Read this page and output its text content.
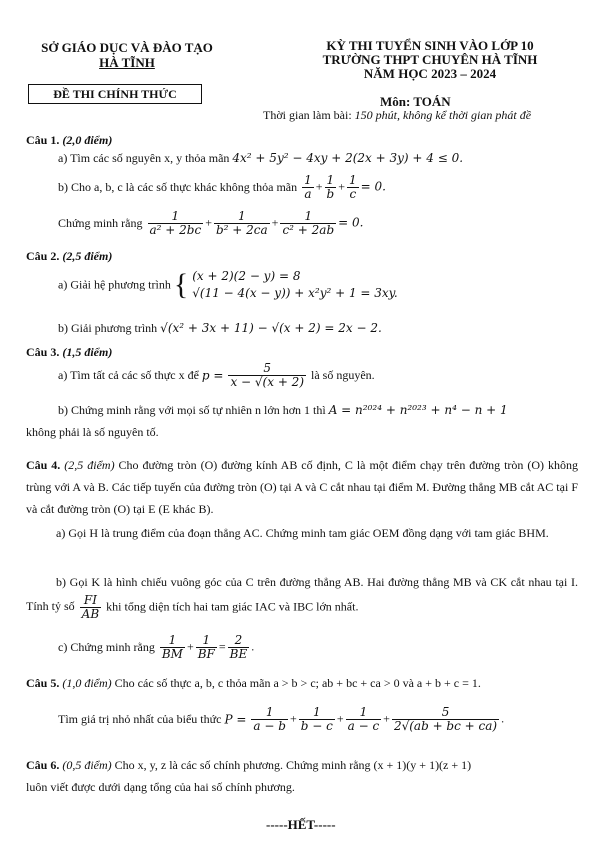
SỞ GIÁO DỤC VÀ ĐÀO TẠO
HÀ TĨNH
ĐỀ THI CHÍNH THỨC
KỲ THI TUYỂN SINH VÀO LỚP 10
TRƯỜNG THPT CHUYÊN HÀ TĨNH
NĂM HỌC 2023 – 2024
Môn: TOÁN
Thời gian làm bài: 150 phút, không kể thời gian phát đề
Câu 1. (2,0 điểm)
a) Tìm các số nguyên x, y thỏa mãn 4x² + 5y² − 4xy + 2(2x + 3y) + 4 ≤ 0.
b) Cho a, b, c là các số thực khác không thỏa mãn $\frac{1}{a} + \frac{1}{b} + \frac{1}{c} = 0$.
Chứng minh rằng $\frac{1}{\text{a² + 2bc}} + \frac{1}{\text{b² + 2ca}} + \frac{1}{\text{c² + 2ab}} = 0$.
Câu 2. (2,5 điểm)
a) Giải hệ phương trình { (x + 2)(2 − y) = 8
√(11 − 4(x − y)) + x²y² + 1 = 3xy.
b) Giải phương trình √(x² + 3x + 11) − √(x + 2) = 2x − 2.
Câu 3. (1,5 điểm)
a) Tìm tất cả các số thực x để $p = \frac{5}{x - √(x + 2)}$ là số nguyên.
b) Chứng minh rằng với mọi số tự nhiên n lớn hơn 1 thì A = n²⁰²⁴ + n²⁰²³ + n⁴ − n + 1
không phải là số nguyên tố.
Câu 4. (2,5 điểm) Cho đường tròn (O) đường kính AB cố định, C là một điểm chạy trên đường tròn (O) không trùng với A và B. Các tiếp tuyến của đường tròn (O) tại A và C cắt nhau tại điểm M. Đường thẳng MB cắt AC tại F và cắt đường tròn (O) tại E (E khác B).
a) Gọi H là trung điểm của đoạn thẳng AC. Chứng minh tam giác OEM đồng dạng với tam giác BHM.
b) Gọi K là hình chiếu vuông góc của C trên đường thẳng AB. Hai đường thẳng MB và CK cắt nhau tại I. Tính tỷ số $\frac{FI}{AB}$ khi tổng diện tích hai tam giác IAC và IBC lớn nhất.
c) Chứng minh rằng $\frac{1}{BM} + \frac{1}{BF} = \frac{2}{BE}$ .
Câu 5. (1,0 điểm) Cho các số thực a, b, c thỏa mãn a > b > c; ab + bc + ca > 0 và a + b + c = 1.
Tìm giá trị nhỏ nhất của biểu thức $P = \frac{1}{a - b} + \frac{1}{b - c} + \frac{1}{a - c} + \frac{5}{2√(ab + bc + ca)}$ .
Câu 6. (0,5 điểm) Cho x, y, z là các số chính phương. Chứng minh rằng (x + 1)(y + 1)(z + 1)
luôn viết được dưới dạng tổng của hai số chính phương.
-----HẾT-----
